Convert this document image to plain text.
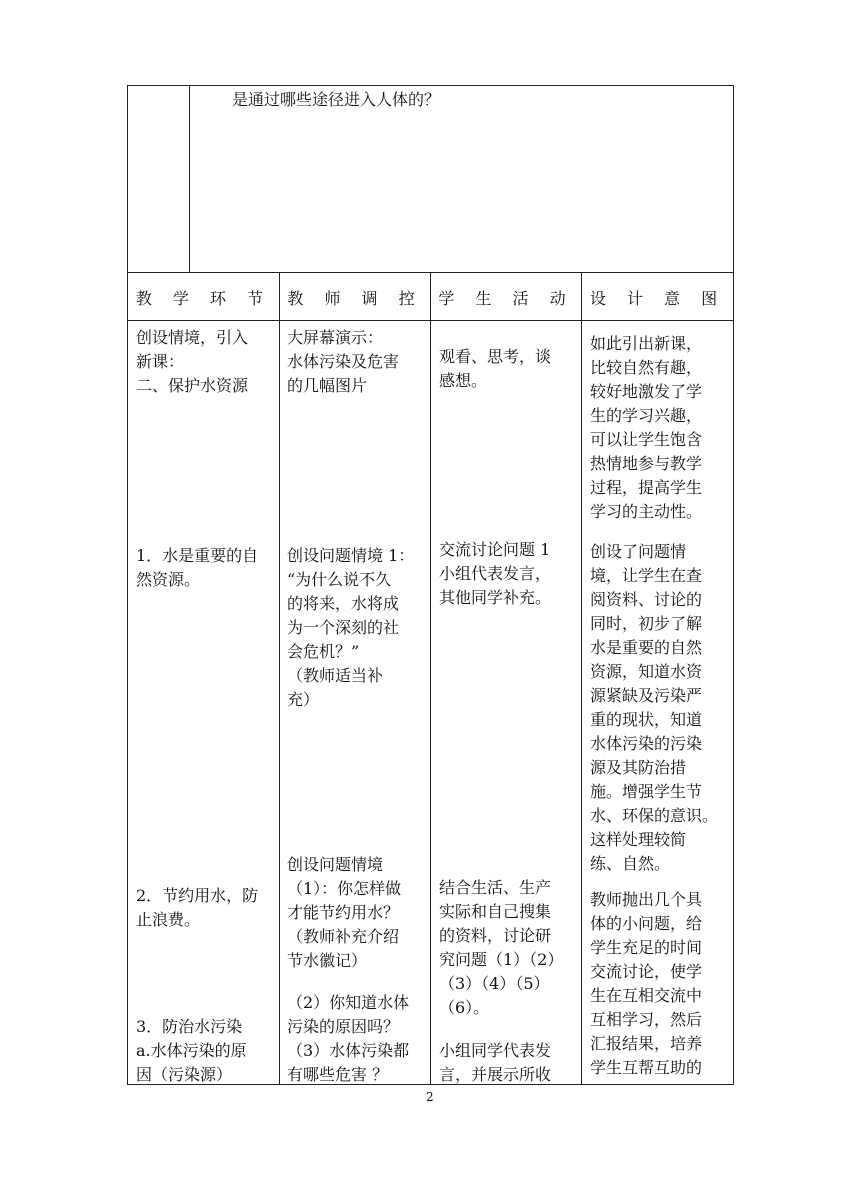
是通过哪些途径进入人体的？
教 学 环 节	教 师 调 控 学 生 活 动	设 计 意 图
创设情境，引入
新课：
二、保护水资源
1．水是重要的自
然资源。
2．节约用水，防
止浪费。
3．防治水污染
a.水体污染的原
因（污染源）
大屏幕演示：
水体污染及危害
的几幅图片
创设问题情境 1：
“为什么说不久
的将来，水将成
为一个深刻的社
会危机？”
（教师适当补
充）
创设问题情境
（1）：你怎样做
才能节约用水？
（教师补充介绍
节水徽记）
（2）你知道水体
污染的原因吗？
（3）水体污染都
有哪些危害 ？
观看、思考，谈
感想。
交流讨论问题 1
小组代表发言，
其他同学补充。
结合生活、生产
实际和自己搜集
的资料，讨论研
究问题（1）（2）
（3）（4）（5）
（6）。
小组同学代表发
言，并展示所收
如此引出新课，
比较自然有趣，
较好地激发了学
生的学习兴趣，
可以让学生饱含
热情地参与教学
过程，提高学生
学习的主动性。
创设了问题情
境，让学生在查
阅资料、讨论的
同时，初步了解
水是重要的自然
资源，知道水资
源紧缺及污染严
重的现状，知道
水体污染的污染
源及其防治措
施。增强学生节
水、环保的意识。
这样处理较简
练、自然。
教师抛出几个具
体的小问题，给
学生充足的时间
交流讨论，使学
生在互相交流中
互相学习，然后
汇报结果，培养
学生互帮互助的
2
